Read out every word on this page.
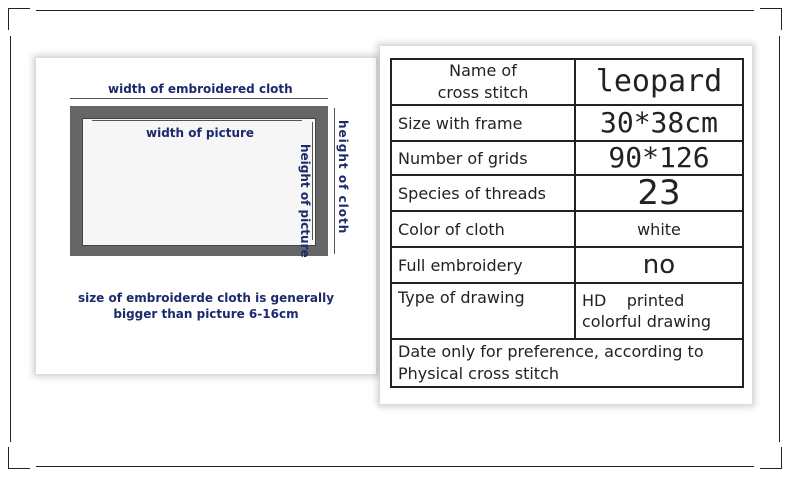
width of embroidered cloth
width of picture
height of picture height of cloth
size of embroiderde cloth is generally
bigger than picture 6-16cm
Name of
cross stitch	leopard
Size with frame	30*38cm
Number of grids	90*126
Species of threads	23
Color of cloth	white
Full embroidery	no
Type of drawing	HD    printed
colorful drawing

Date only for preference, according to
Physical cross stitch	
